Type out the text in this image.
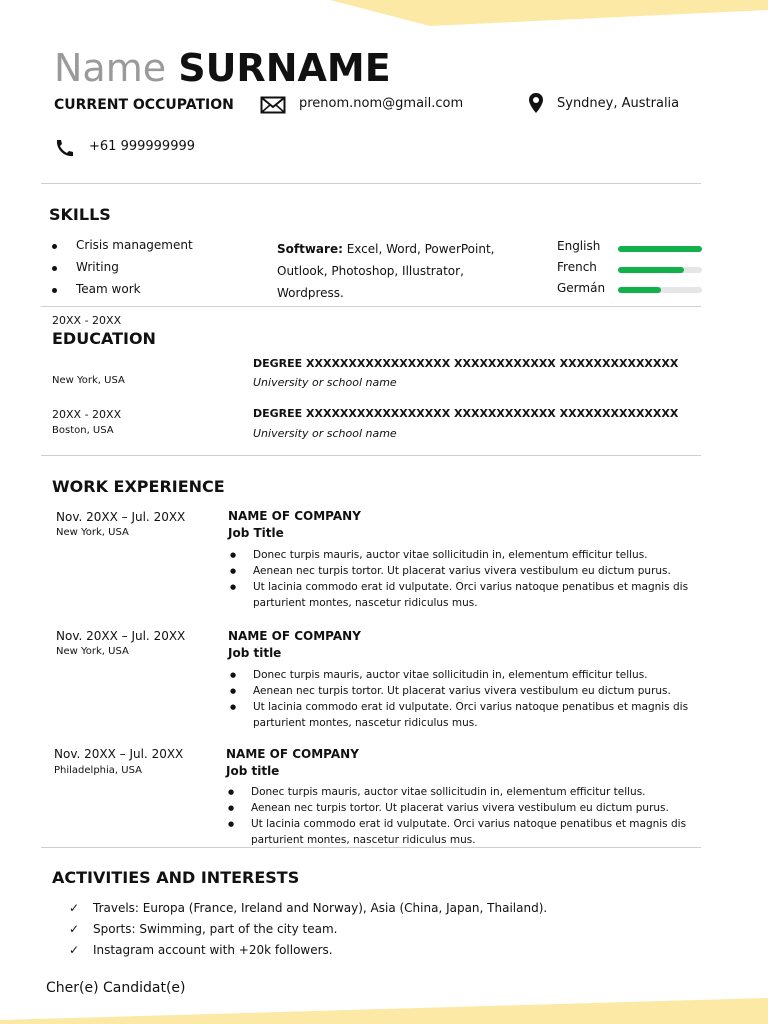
Name SURNAME
CURRENT OCCUPATION	prenom.nom@gmail.com	Syndney, Australia
+61 999999999
SKILLS
Crisis management
Writing
Team work
Software: Excel, Word, PowerPoint,
Outlook, Photoshop, Illustrator,
Wordpress.
English
French
Germán
20XX - 20XX
EDUCATION
New York, USA
DEGREE XXXXXXXXXXXXXXXXX XXXXXXXXXXXX XXXXXXXXXXXXXX
University or school name
20XX - 20XX
Boston, USA
DEGREE XXXXXXXXXXXXXXXXX XXXXXXXXXXXX XXXXXXXXXXXXXX
University or school name
WORK EXPERIENCE
Nov. 20XX – Jul. 20XX
New York, USA
NAME OF COMPANY
Job Title
● Donec turpis mauris, auctor vitae sollicitudin in, elementum efficitur tellus.
● Aenean nec turpis tortor. Ut placerat varius vivera vestibulum eu dictum purus.
● Ut lacinia commodo erat id vulputate. Orci varius natoque penatibus et magnis dis parturient montes, nascetur ridiculus mus.
Nov. 20XX – Jul. 20XX
New York, USA
NAME OF COMPANY
Job title
● Donec turpis mauris, auctor vitae sollicitudin in, elementum efficitur tellus.
● Aenean nec turpis tortor. Ut placerat varius vivera vestibulum eu dictum purus.
● Ut lacinia commodo erat id vulputate. Orci varius natoque penatibus et magnis dis parturient montes, nascetur ridiculus mus.
Nov. 20XX – Jul. 20XX
Philadelphia, USA
NAME OF COMPANY
Job title
● Donec turpis mauris, auctor vitae sollicitudin in, elementum efficitur tellus.
● Aenean nec turpis tortor. Ut placerat varius vivera vestibulum eu dictum purus.
● Ut lacinia commodo erat id vulputate. Orci varius natoque penatibus et magnis dis parturient montes, nascetur ridiculus mus.
ACTIVITIES AND INTERESTS
✓ Travels: Europa (France, Ireland and Norway), Asia (China, Japan, Thailand).
✓ Sports: Swimming, part of the city team.
✓ Instagram account with +20k followers.
Cher(e) Candidat(e)
